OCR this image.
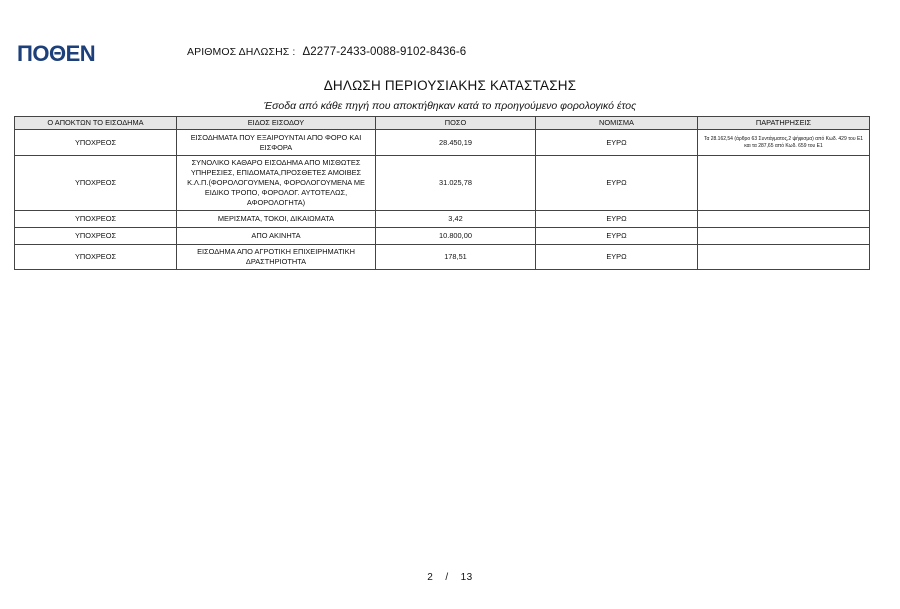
ΠΟΘΕΝ	ΑΡΙΘΜΟΣ ΔΗΛΩΣΗΣ : Δ2277-2433-0088-9102-8436-6
ΔΗΛΩΣΗ ΠΕΡΙΟΥΣΙΑΚΗΣ ΚΑΤΑΣΤΑΣΗΣ
Έσοδα από κάθε πηγή που αποκτήθηκαν κατά το προηγούμενο φορολογικό έτος
Ο ΑΠΟΚΤΩΝ ΤΟ ΕΙΣΟΔΗΜΑ	ΕΙΔΟΣ ΕΙΣΟΔΟΥ	ΠΟΣΟ	ΝΟΜΙΣΜΑ	ΠΑΡΑΤΗΡΗΣΕΙΣ
ΥΠΟΧΡΕΟΣ	ΕΙΣΟΔΗΜΑΤΑ ΠΟΥ ΕΞΑΙΡΟΥΝΤΑΙ ΑΠΟ ΦΟΡΟ ΚΑΙ ΕΙΣΦΟΡΑ	28.450,19	ΕΥΡΩ	Τα 28.162,54 (άρθρο 63 Συντάγματος,2 ψήφισμα) από Κωδ. 429 του Ε1 και τα 287,65 από Κωδ. 659 του Ε1
ΥΠΟΧΡΕΟΣ	ΣΥΝΟΛΙΚΟ ΚΑΘΑΡΟ ΕΙΣΟΔΗΜΑ ΑΠΟ ΜΙΣΘΩΤΕΣ ΥΠΗΡΕΣΙΕΣ, ΕΠΙΔΟΜΑΤΑ,ΠΡΟΣΘΕΤΕΣ ΑΜΟΙΒΕΣ Κ.Λ.Π.(ΦΟΡΟΛΟΓΟΥΜΕΝΑ, ΦΟΡΟΛΟΓΟΥΜΕΝΑ ΜΕ ΕΙΔΙΚΟ ΤΡΟΠΟ, ΦΟΡΟΛΟΓ. ΑΥΤΟΤΕΛΩΣ, ΑΦΟΡΟΛΟΓΗΤΑ)	31.025,78	ΕΥΡΩ	
ΥΠΟΧΡΕΟΣ	ΜΕΡΙΣΜΑΤΑ, ΤΟΚΟΙ, ΔΙΚΑΙΩΜΑΤΑ	3,42	ΕΥΡΩ	
ΥΠΟΧΡΕΟΣ	ΑΠΟ ΑΚΙΝΗΤΑ	10.800,00	ΕΥΡΩ	
ΥΠΟΧΡΕΟΣ	ΕΙΣΟΔΗΜΑ ΑΠΟ ΑΓΡΟΤΙΚΗ ΕΠΙΧΕΙΡΗΜΑΤΙΚΗ ΔΡΑΣΤΗΡΙΟΤΗΤΑ	178,51	ΕΥΡΩ	
2 / 13
